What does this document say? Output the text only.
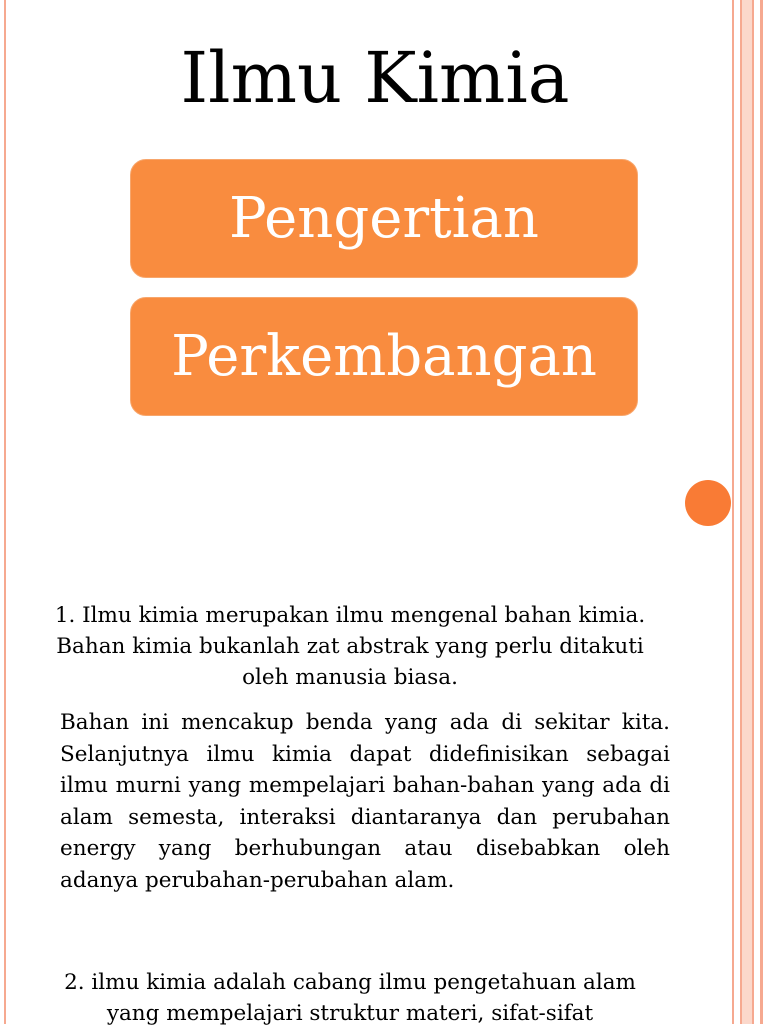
Ilmu Kimia
Pengertian
Perkembangan

1. Ilmu kimia merupakan ilmu mengenal bahan kimia. Bahan kimia bukanlah zat abstrak yang perlu ditakuti oleh manusia biasa.

Bahan ini mencakup benda yang ada di sekitar kita. Selanjutnya ilmu kimia dapat didefinisikan sebagai ilmu murni yang mempelajari bahan-bahan yang ada di alam semesta, interaksi diantaranya dan perubahan energy yang berhubungan atau disebabkan oleh adanya perubahan-perubahan alam.

2. ilmu kimia adalah cabang ilmu pengetahuan alam yang mempelajari struktur materi, sifat-sifat
